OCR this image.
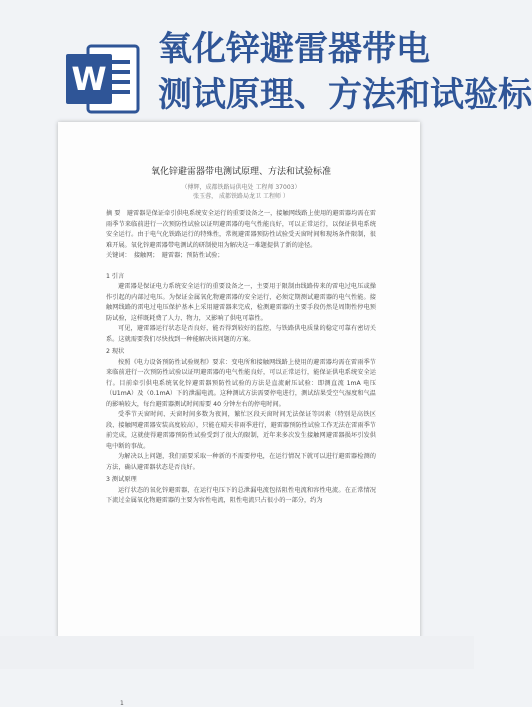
W
氧化锌避雷器带电
测试原理、方法和试验标
氧化锌避雷器带电测试原理、方法和试验标准
（傅辉，成都铁路局供电处 工程师 37003）
张玉蓉， 成都铁路局龙卫 工程师 ）
摘 要　避雷器是保证牵引供电系统安全运行的重要设备之一，接触网线路上使用的避雷器均需在雷雨季节来临前进行一次预防性试验以证明避雷器的电气性能良好，可以正常运行，以保证供电系统安全运行。由于电气化铁路运行的特殊性，常规避雷器预防性试验受天窗时间和现场条件限制，很难开展。氧化锌避雷器带电测试的研制使用为解决这一难题提供了新的途径。
关键词：　接触网；　避雷器；预防性试验；
1 引言
避雷器是保证电力系统安全运行的重要设备之一，主要用于限制由线路传来的雷电过电压或操作引起的内部过电压。为保证金属氧化物避雷器的安全运行，必须定期测试避雷器的电气性能。接触网线路的雷电过电压保护基本上采用避雷器来完成，检测避雷器的主要手段仍然是周期性停电预防试验，这样既耗费了人力、物力，又影响了供电可靠性。
可见，避雷器运行状态是否良好，能否得到较好的监控，与铁路供电质量的稳定可靠有密切关系。这就需要我们尽快找到一种能解决该问题的方案。
2 现状
按照《电力设备预防性试验规程》要求：变电所和接触网线路上使用的避雷器均需在雷雨季节来临前进行一次预防性试验以证明避雷器的电气性能良好，可以正常运行，能保证供电系统安全运行。目前牵引供电系统氧化锌避雷器预防性试验的方法是直流耐压试验：即测直流 1mA 电压（U1mA）及（0.1mA）下的泄漏电流。这种测试方法需要停电进行，测试结果受空气湿度和气温的影响较大，每台避雷器测试时间需要 40 分钟左右的停电时间。
受季节天窗时间、天窗时间多数为夜间，繁忙区段天窗时间无法保证等因素（特别是高铁区段、接触网避雷器安装高度较高），只能在晴天非雨季进行，避雷器预防性试验工作无法在雷雨季节前完成，这就使得避雷器预防性试验受到了很大的限制，近年来多次发生接触网避雷器损坏引发供电中断的事故。
为解决以上问题，我们需要采取一种新的不需要停电，在运行情况下就可以进行避雷器检测的方法，确认避雷器状态是否良好。
3 测试原理
运行状态的氧化锌避雷器，在运行电压下的总泄漏电流包括阻性电流和容性电流。在正常情况下流过金属氧化物避雷器的主要为容性电流，阻性电流只占很小的一部分，约为
1
